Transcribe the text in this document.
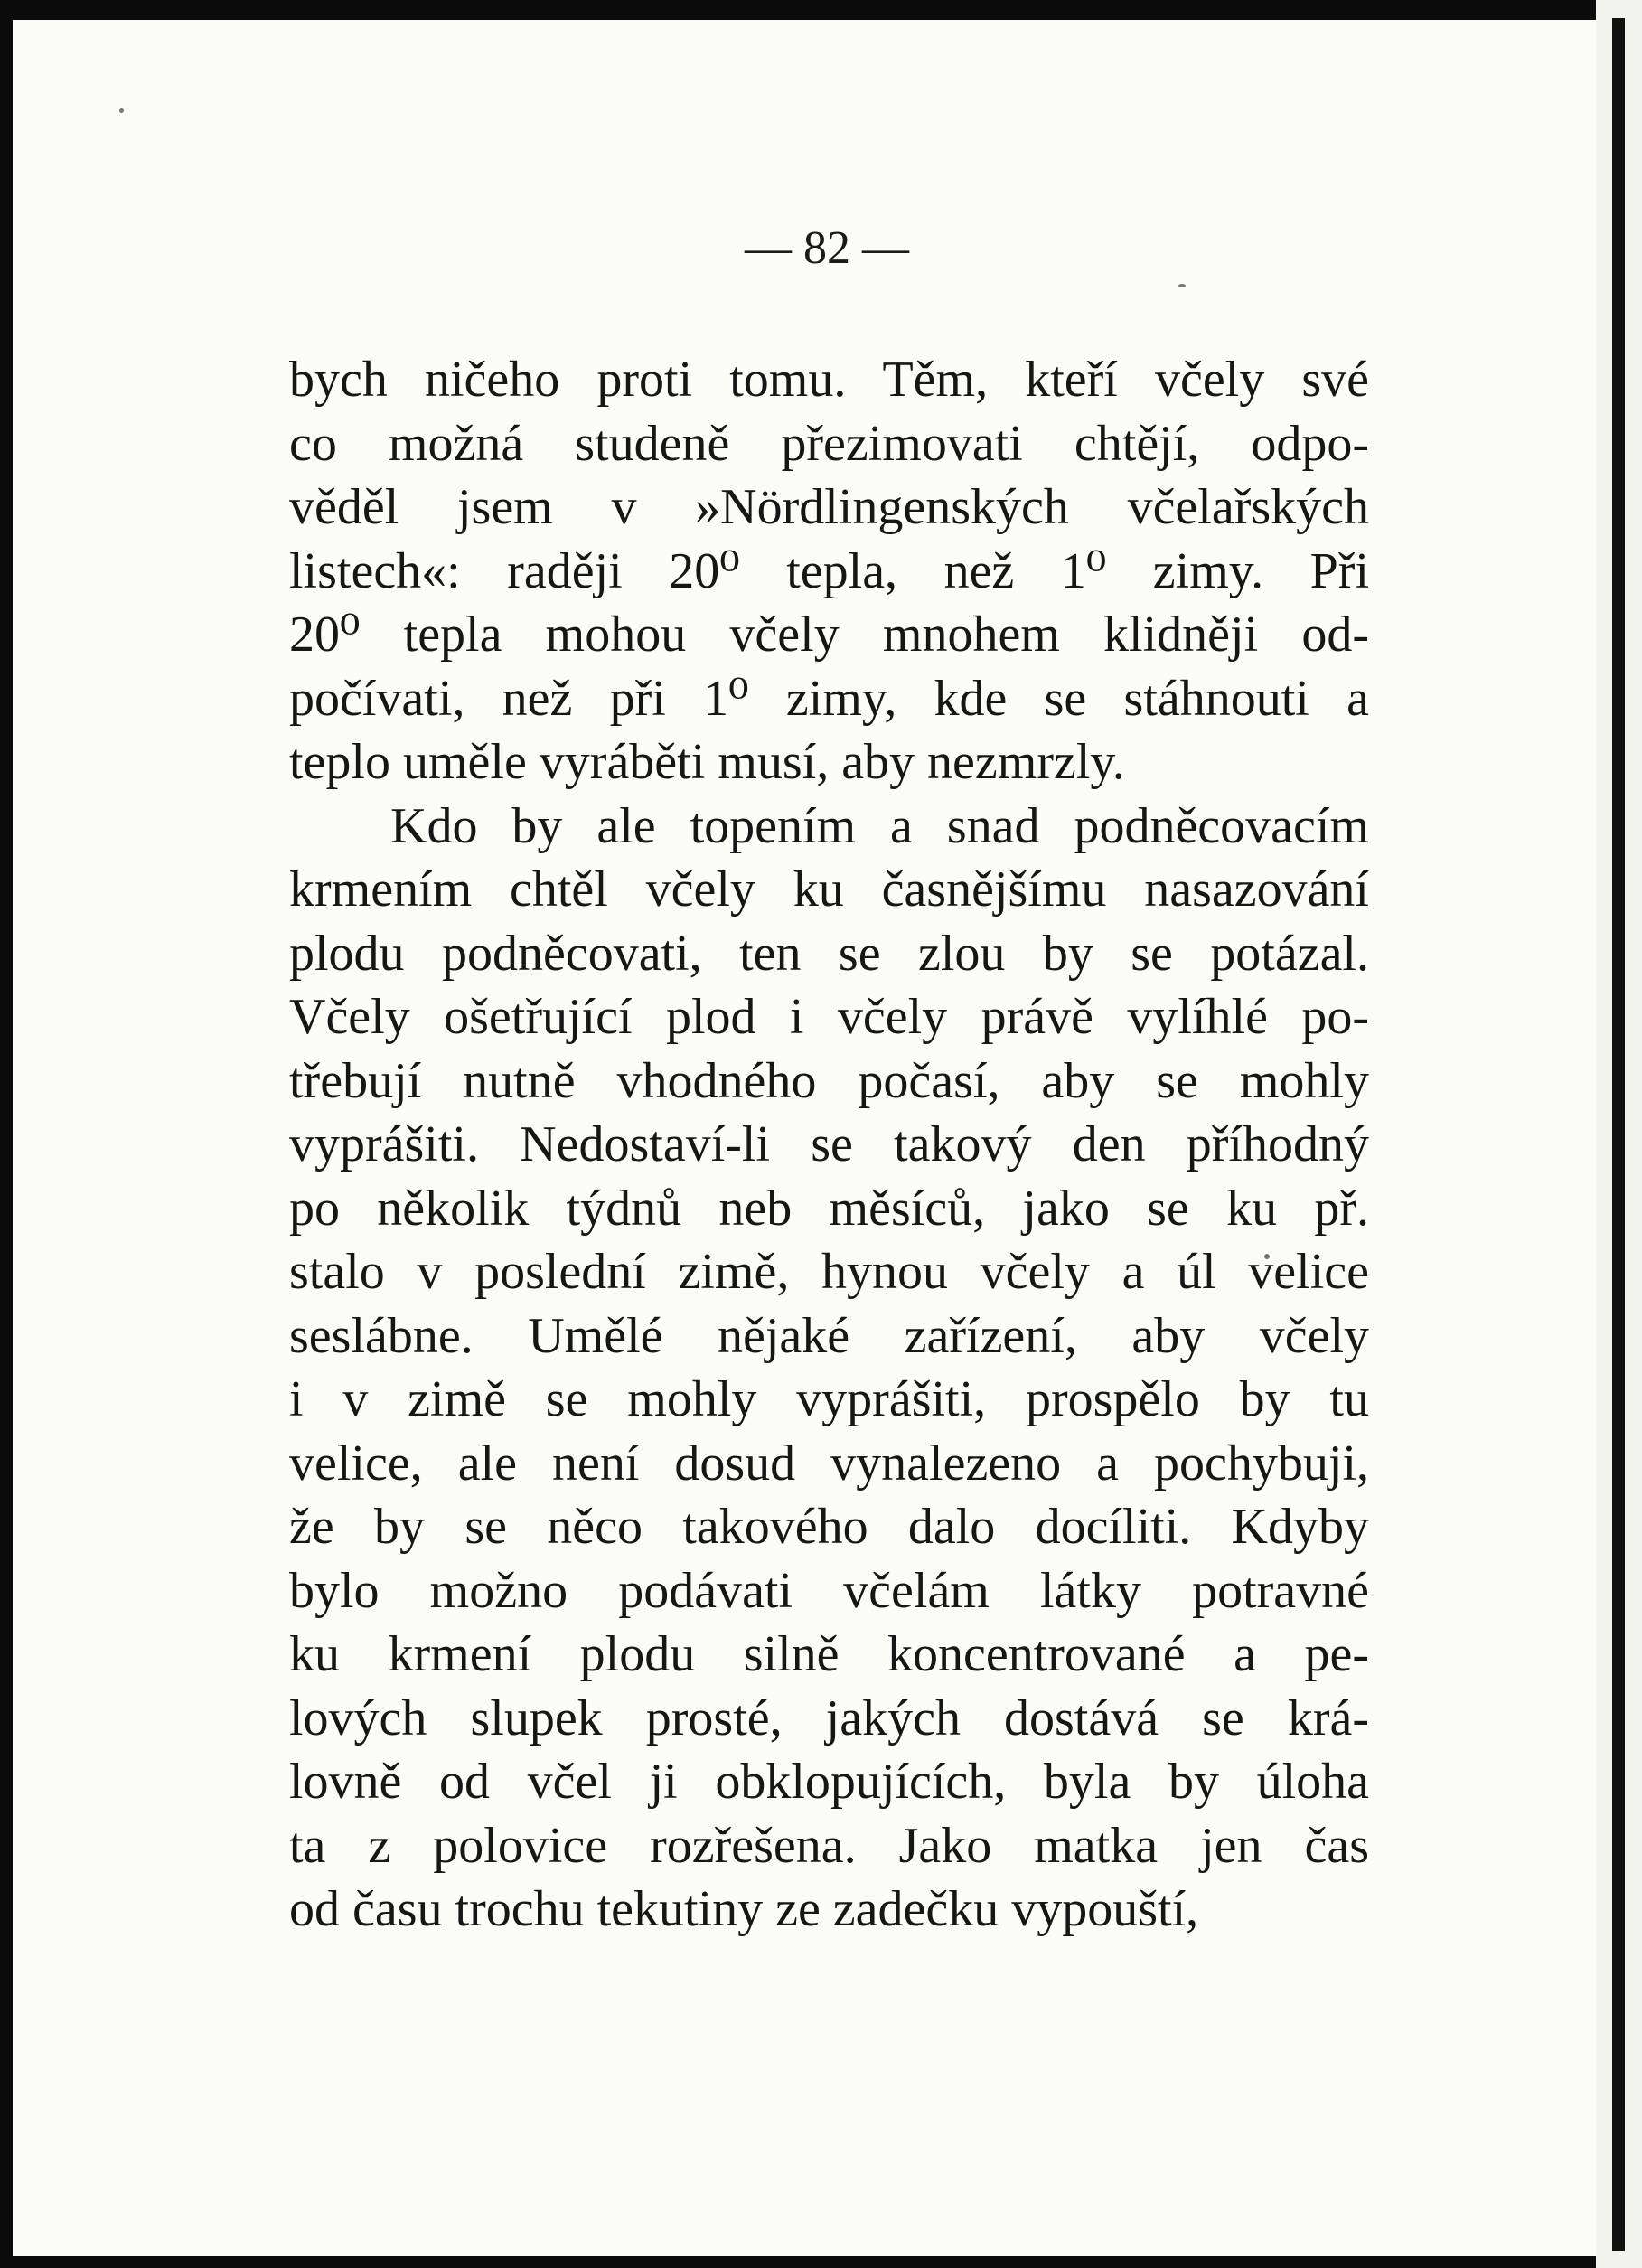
— 82 —

bych ničeho proti tomu. Těm, kteří včely své
co možná studeně přezimovati chtějí, odpo-
věděl jsem v »Nördlingenských včelařských
listech«: raději 20⁰ tepla, než 1⁰ zimy. Při
20⁰ tepla mohou včely mnohem klidněji od-
počívati, než při 1⁰ zimy, kde se stáhnouti a
teplo uměle vyráběti musí, aby nezmrzly.
Kdo by ale topením a snad podněcovacím
krmením chtěl včely ku časnějšímu nasazování
plodu podněcovati, ten se zlou by se potázal.
Včely ošetřující plod i včely právě vylíhlé po-
třebují nutně vhodného počasí, aby se mohly
vyprášiti. Nedostaví-li se takový den příhodný
po několik týdnů neb měsíců, jako se ku př.
stalo v poslední zimě, hynou včely a úl velice
seslábne. Umělé nějaké zařízení, aby včely
i v zimě se mohly vyprášiti, prospělo by tu
velice, ale není dosud vynalezeno a pochybuji,
že by se něco takového dalo docíliti. Kdyby
bylo možno podávati včelám látky potravné
ku krmení plodu silně koncentrované a pe-
lových slupek prosté, jakých dostává se krá-
lovně od včel ji obklopujících, byla by úloha
ta z polovice rozřešena. Jako matka jen čas
od času trochu tekutiny ze zadečku vypouští,
